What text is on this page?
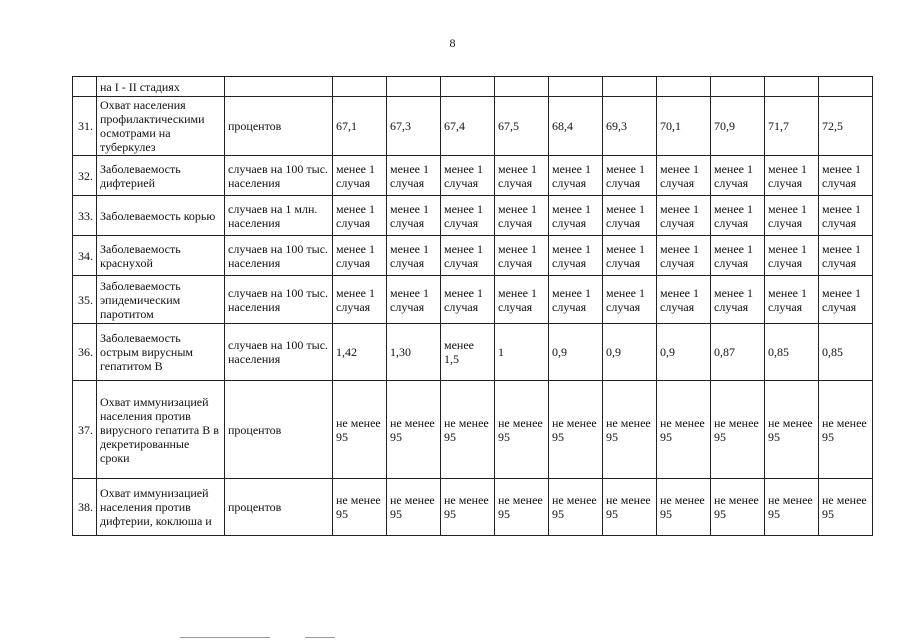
8
	на I - II стадиях											
31.	Охват населения профилактическими осмотрами на туберкулез	процентов	67,1	67,3	67,4	67,5	68,4	69,3	70,1	70,9	71,7	72,5
32.	Заболеваемость дифтерией	случаев на 100 тыс. населения	менее 1 случая	менее 1 случая	менее 1 случая	менее 1 случая	менее 1 случая	менее 1 случая	менее 1 случая	менее 1 случая	менее 1 случая	менее 1 случая
33.	Заболеваемость корью	случаев на 1 млн. населения	менее 1 случая	менее 1 случая	менее 1 случая	менее 1 случая	менее 1 случая	менее 1 случая	менее 1 случая	менее 1 случая	менее 1 случая	менее 1 случая
34.	Заболеваемость краснухой	случаев на 100 тыс. населения	менее 1 случая	менее 1 случая	менее 1 случая	менее 1 случая	менее 1 случая	менее 1 случая	менее 1 случая	менее 1 случая	менее 1 случая	менее 1 случая
35.	Заболеваемость эпидемическим паротитом	случаев на 100 тыс. населения	менее 1 случая	менее 1 случая	менее 1 случая	менее 1 случая	менее 1 случая	менее 1 случая	менее 1 случая	менее 1 случая	менее 1 случая	менее 1 случая
36.	Заболеваемость острым вирусным гепатитом В	случаев на 100 тыс. населения	1,42	1,30	менее 1,5	1	0,9	0,9	0,9	0,87	0,85	0,85
37.	Охват иммунизацией населения против вирусного гепатита В в декретированные сроки	процентов	не менее 95	не менее 95	не менее 95	не менее 95	не менее 95	не менее 95	не менее 95	не менее 95	не менее 95	не менее 95
38.	Охват иммунизацией населения против дифтерии, коклюша и	процентов	не менее 95	не менее 95	не менее 95	не менее 95	не менее 95	не менее 95	не менее 95	не менее 95	не менее 95	не менее 95
